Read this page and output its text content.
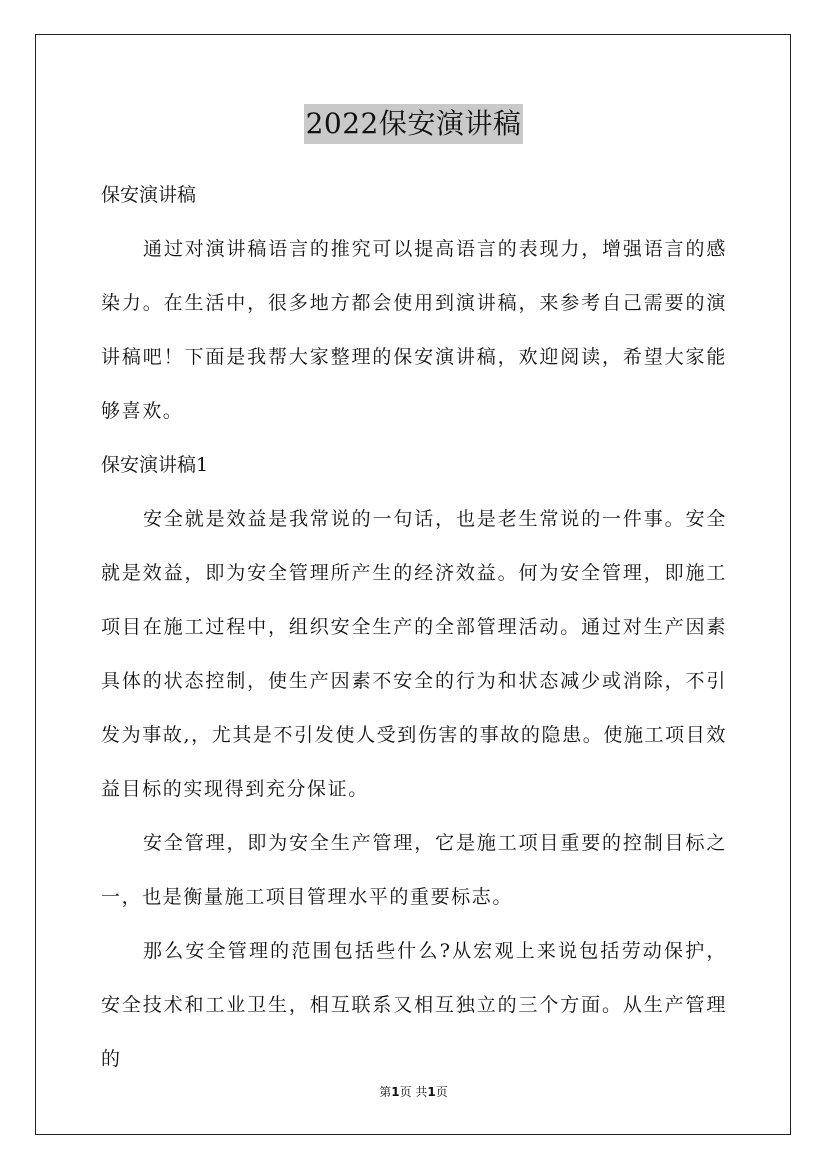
2022保安演讲稿

保安演讲稿

通过对演讲稿语言的推究可以提高语言的表现力，增强语言的感染力。在生活中，很多地方都会使用到演讲稿，来参考自己需要的演讲稿吧！下面是我帮大家整理的保安演讲稿，欢迎阅读，希望大家能够喜欢。

保安演讲稿1

安全就是效益是我常说的一句话，也是老生常说的一件事。安全就是效益，即为安全管理所产生的经济效益。何为安全管理，即施工项目在施工过程中，组织安全生产的全部管理活动。通过对生产因素具体的状态控制，使生产因素不安全的行为和状态减少或消除，不引发为事故,，尤其是不引发使人受到伤害的事故的隐患。使施工项目效益目标的实现得到充分保证。

安全管理，即为安全生产管理，它是施工项目重要的控制目标之一，也是衡量施工项目管理水平的重要标志。

那么安全管理的范围包括些什么?从宏观上来说包括劳动保护，安全技术和工业卫生，相互联系又相互独立的三个方面。从生产管理的

第1页 共1页
